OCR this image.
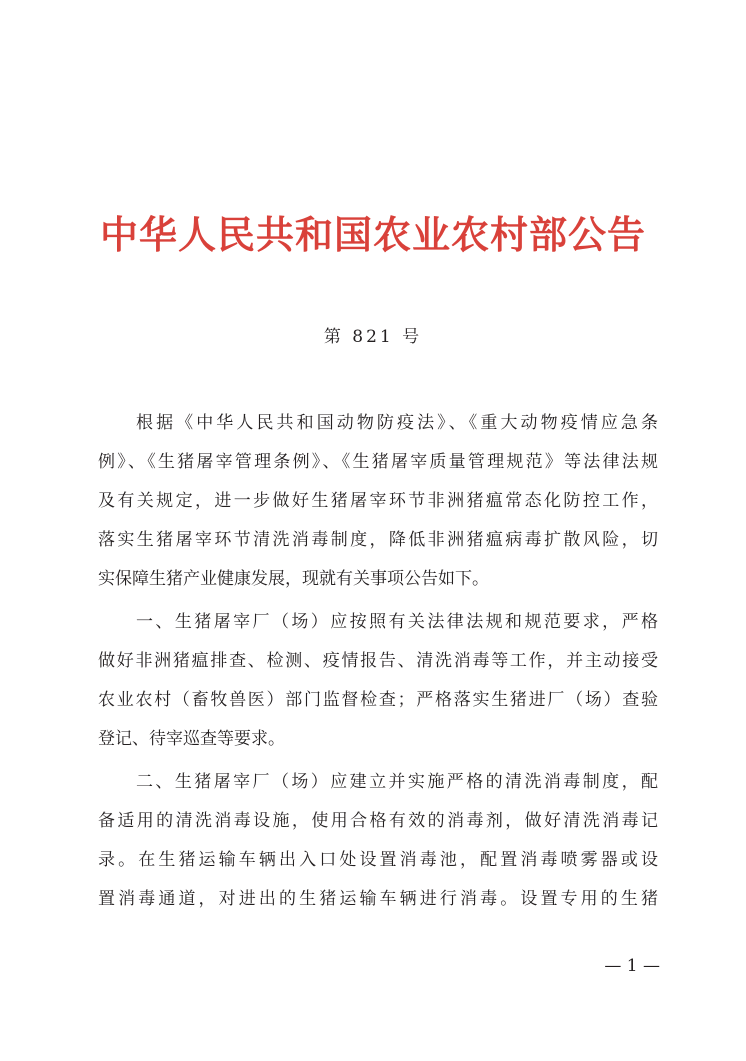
中华人民共和国农业农村部公告
第 821 号
根据《中华人民共和国动物防疫法》、《重大动物疫情应急条
例》、《生猪屠宰管理条例》、《生猪屠宰质量管理规范》等法律法规
及有关规定，进一步做好生猪屠宰环节非洲猪瘟常态化防控工作，
落实生猪屠宰环节清洗消毒制度，降低非洲猪瘟病毒扩散风险，切
实保障生猪产业健康发展，现就有关事项公告如下。
一、生猪屠宰厂（场）应按照有关法律法规和规范要求，严格
做好非洲猪瘟排查、检测、疫情报告、清洗消毒等工作，并主动接受
农业农村（畜牧兽医）部门监督检查；严格落实生猪进厂（场）查验
登记、待宰巡查等要求。
二、生猪屠宰厂（场）应建立并实施严格的清洗消毒制度，配
备适用的清洗消毒设施，使用合格有效的消毒剂，做好清洗消毒记
录。在生猪运输车辆出入口处设置消毒池，配置消毒喷雾器或设
置消毒通道，对进出的生猪运输车辆进行消毒。设置专用的生猪
— 1 —
